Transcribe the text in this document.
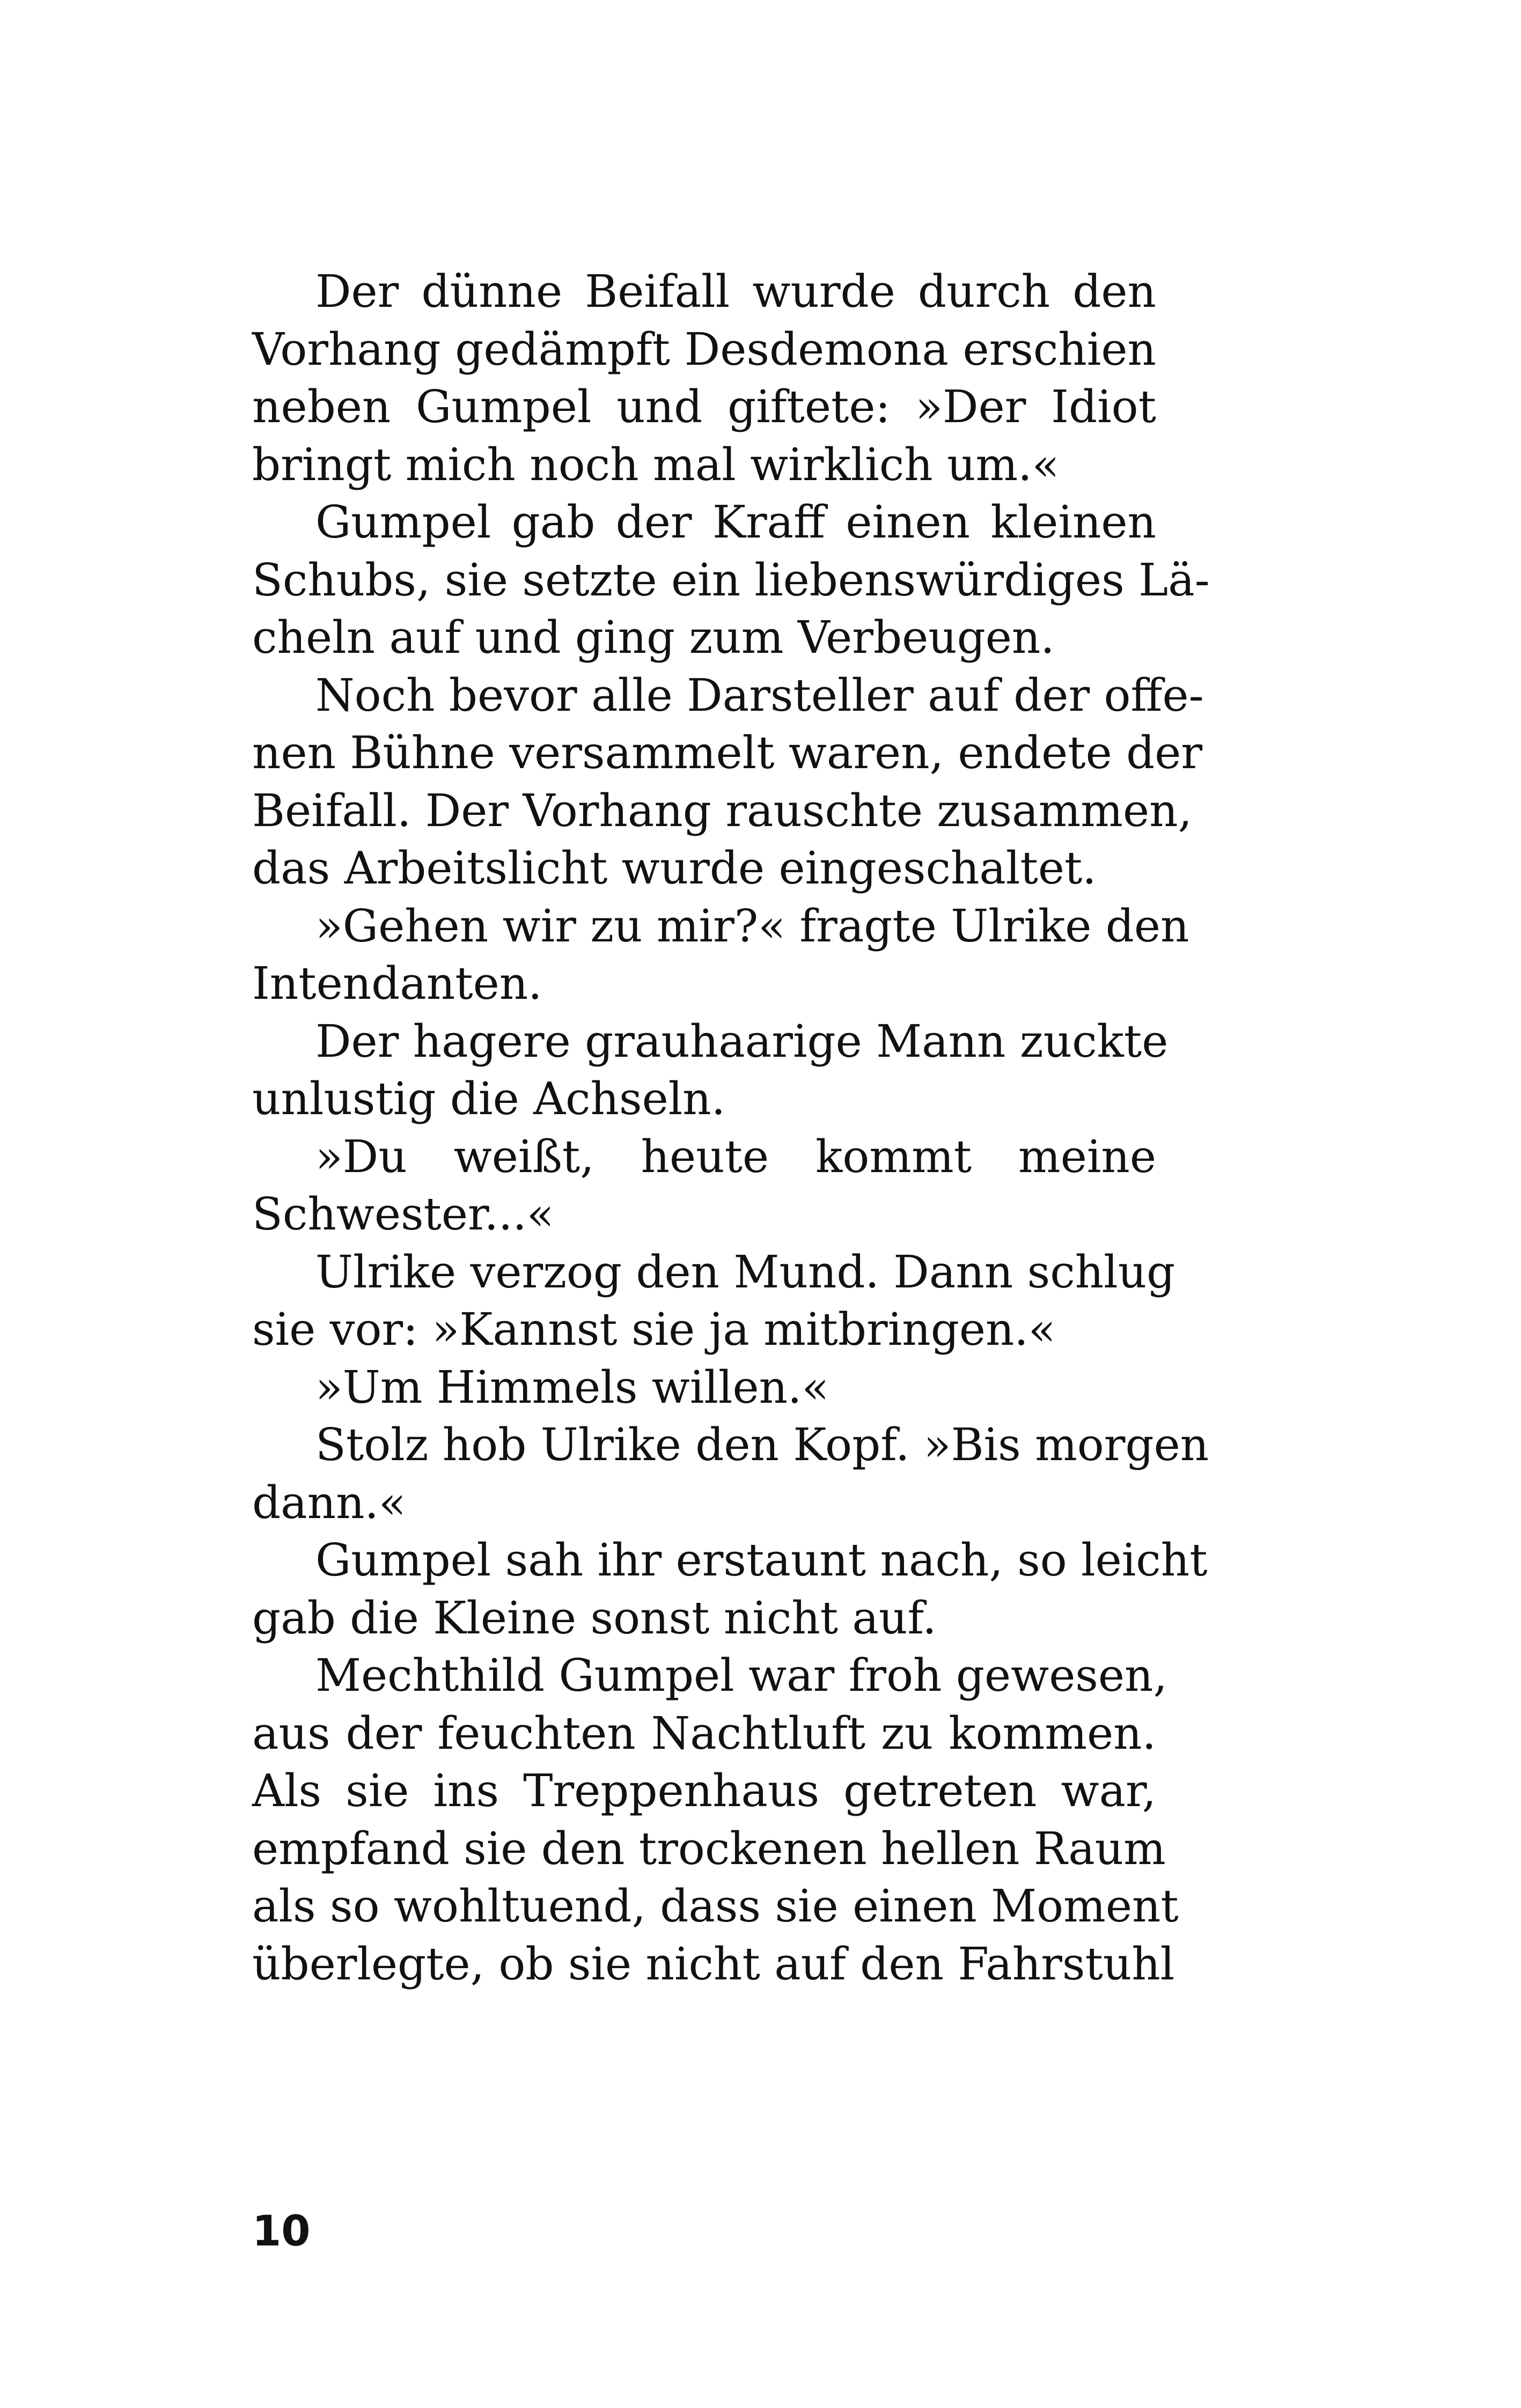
Der dünne Beifall wurde durch den
Vorhang gedämpft Desdemona erschien
neben Gumpel und giftete: »Der Idiot
bringt mich noch mal wirklich um.«
Gumpel gab der Kraff einen kleinen
Schubs, sie setzte ein liebenswürdiges Lä-
cheln auf und ging zum Verbeugen.
Noch bevor alle Darsteller auf der offe-
nen Bühne versammelt waren, endete der
Beifall. Der Vorhang rauschte zusammen,
das Arbeitslicht wurde eingeschaltet.
»Gehen wir zu mir?« fragte Ulrike den
Intendanten.
Der hagere grauhaarige Mann zuckte
unlustig die Achseln.
»Du weißt, heute kommt meine
Schwester...«
Ulrike verzog den Mund. Dann schlug
sie vor: »Kannst sie ja mitbringen.«
»Um Himmels willen.«
Stolz hob Ulrike den Kopf. »Bis morgen
dann.«
Gumpel sah ihr erstaunt nach, so leicht
gab die Kleine sonst nicht auf.
Mechthild Gumpel war froh gewesen,
aus der feuchten Nachtluft zu kommen.
Als sie ins Treppenhaus getreten war,
empfand sie den trockenen hellen Raum
als so wohltuend, dass sie einen Moment
überlegte, ob sie nicht auf den Fahrstuhl
10
